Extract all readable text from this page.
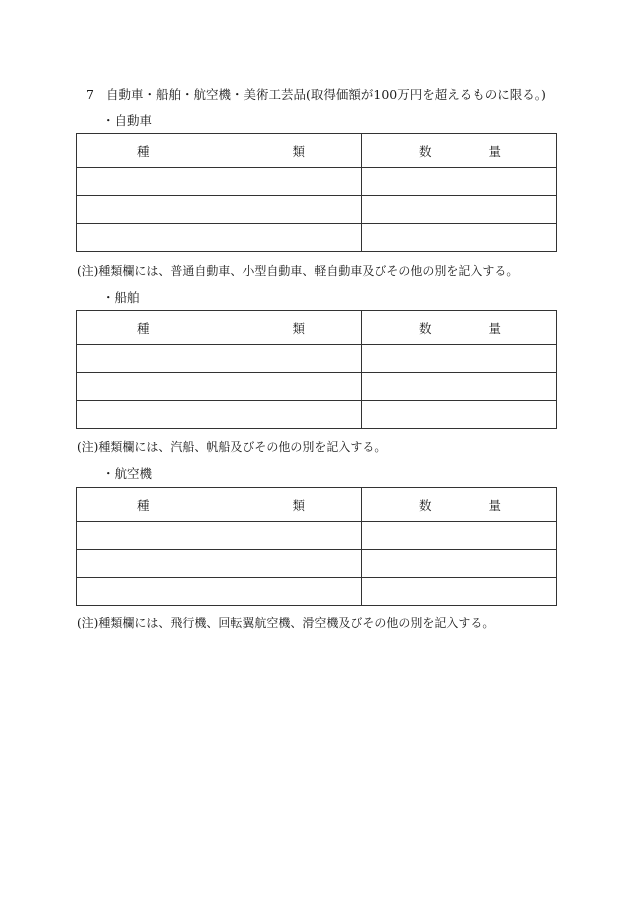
7 自動車・船舶・航空機・美術工芸品(取得価額が100万円を超えるものに限る。)
・自動車
種 類	数 量

(注)種類欄には、普通自動車、小型自動車、軽自動車及びその他の別を記入する。
・船舶
種 類	数 量

(注)種類欄には、汽船、帆船及びその他の別を記入する。
・航空機
種 類	数 量

(注)種類欄には、飛行機、回転翼航空機、滑空機及びその他の別を記入する。
